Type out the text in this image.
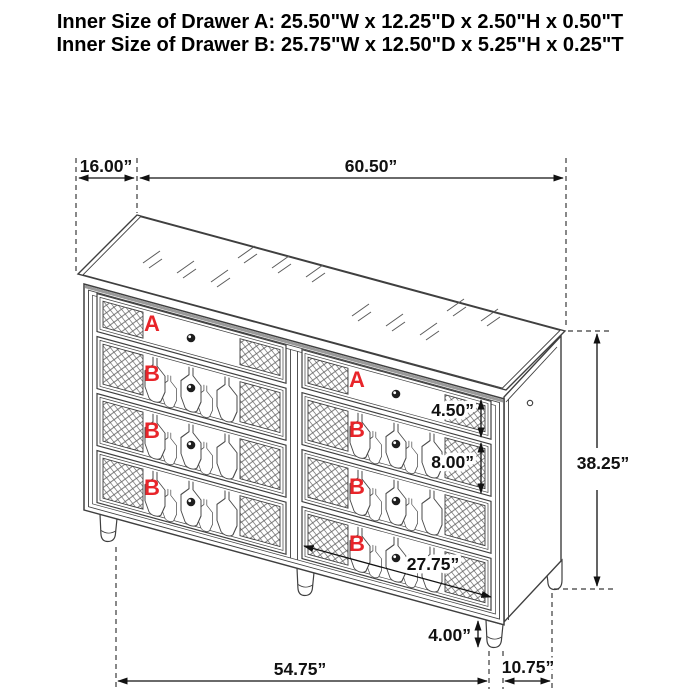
Inner Size of Drawer A: 25.50"W x 12.25"D x 2.50"H x 0.50"T
Inner Size of Drawer B: 25.75"W x 12.50"D x 5.25"H x 0.25"T
A
B
B
B
A
B
B
B
16.00”	60.50”
38.25”
4.50”
8.00”
27.75”
4.00”
54.75”	10.75”
